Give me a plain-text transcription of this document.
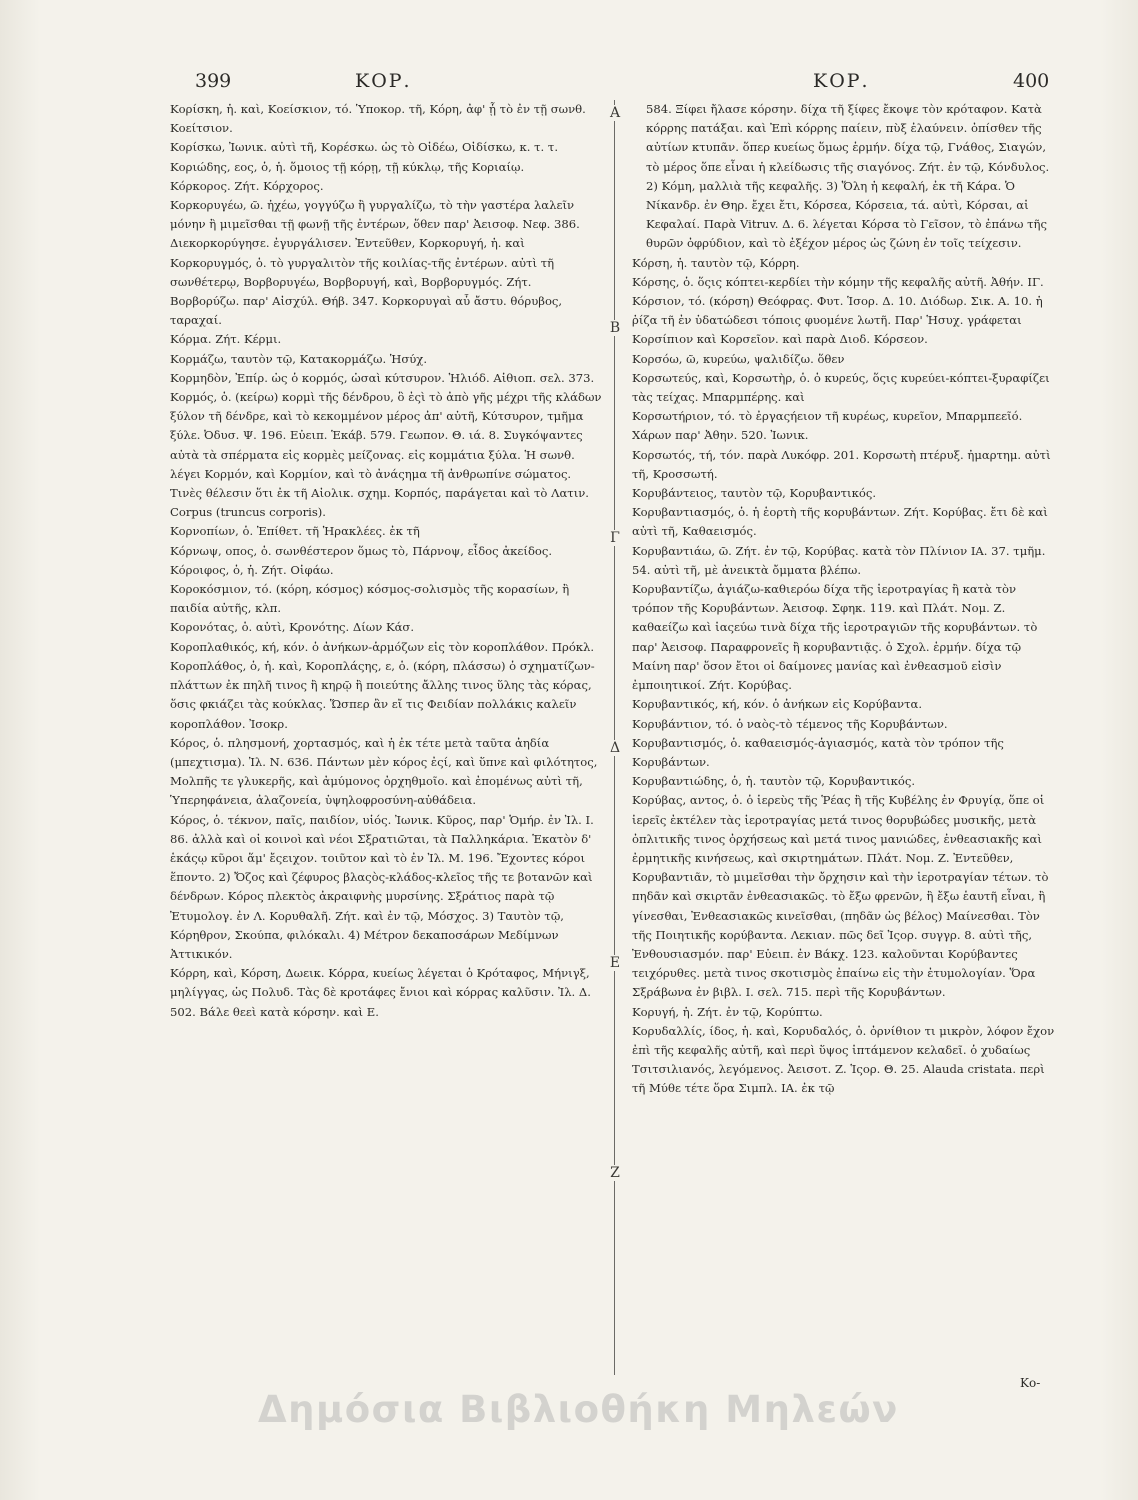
399	ΚΟΡ.	ΚΟΡ.	400

Κορίσκη, ἡ. καὶ, Κοείσκιον, τό. Ὑποκορ. τῆ, Κόρη, ἀφ' ᾗ τὸ ἐν τῇ σωνθ. Κοείτσιον.

Κορίσκω, Ἰωνικ. αὐτὶ τῆ, Κορέσκω. ὡς τὸ Οἰδέω, Οἰδίσκω, κ. τ. τ.

Κοριώδης, εος, ὁ, ἡ. ὅμοιος τῇ κόρῃ, τῇ κύκλῳ, τῆς Κοριαίῳ.

Κόρκορος. Ζήτ. Κόρχορος.

Κορκορυγέω, ῶ. ἠχέω, γογγύζω ἢ γυργαλίζω, τὸ τὴν γαστέρα λαλεῖν μόνην ἢ μιμεῖσθαι τῇ φωνῇ τῆς ἐντέρων, ὅθεν παρ' Ἀεισοφ. Νεφ. 386. Διεκορκορύγησε. ἐγυργάλισεν. Ἐντεῦθεν, Κορκορυγή, ἡ. καὶ Κορκορυγμός, ὁ. τὸ γυργαλιτὸν τῆς κοιλίας-τῆς ἐντέρων. αὐτὶ τῆ σωνθέτερῳ, Βορβορυγέω, Βορβορυγή, καὶ, Βορβορυγμός. Ζήτ. Βορβορύζω. παρ' Αἰσχύλ. Θήβ. 347. Κορκορυγαὶ αὖ ἄστυ. θόρυβος, ταραχαί.

Κόρμα. Ζήτ. Κέρμι.

Κορμάζω, ταυτὸν τῷ, Κατακορμάζω. Ἡσύχ.

Κορμηδὸν, Ἐπίρ. ὡς ὁ κορμός, ὡσαὶ κύτσυρον. Ἡλιόδ. Αἰθιοπ. σελ. 373.

Κορμός, ὁ. (κείρω) κορμὶ τῆς δένδρου, ὃ ἐςὶ τὸ ἀπὸ γῆς μέχρι τῆς κλάδων ξύλον τῆ δένδρε, καὶ τὸ κεκομμένον μέρος ἀπ' αὐτῆ, Κύτσυρον, τμῆμα ξύλε. Ὀδυσ. Ψ. 196. Εὐειπ. Ἑκάβ. 579. Γεωπον. Θ. ιά. 8. Συγκόψαντες αὐτὰ τὰ σπέρματα εἰς κορμὲς μείζονας. εἰς κομμάτια ξύλα. Ἡ σωνθ. λέγει Κορμόν, καὶ Κορμίον, καὶ τὸ ἀνάςημα τῆ ἀνθρωπίνε σώματος. Τινὲς θέλεσιν ὅτι ἐκ τῆ Αἰολικ. σχημ. Κορπός, παράγεται καὶ τὸ Λατιν. Corpus (truncus corporis).

Κορνοπίων, ὁ. Ἐπίθετ. τῆ Ἡρακλέες. ἐκ τῆ

Κόρνωψ, οπος, ὁ. σωνθέστερον ὅμως τὸ, Πάρνοψ, εἶδος ἀκείδος.

Κόροιφος, ὁ, ἡ. Ζήτ. Οἰφάω.

Κοροκόσμιον, τό. (κόρη, κόσμος) κόσμος-σολισμὸς τῆς κορασίων, ἢ παιδία αὐτῆς, κλπ.

Κορονότας, ὁ. αὐτὶ, Κρονότης. Δίων Κάσ.

Κοροπλαθικός, κή, κόν. ὁ ἀνήκων-ἁρμόζων εἰς τὸν κοροπλάθον. Πρόκλ.

Κοροπλάθος, ὁ, ἡ. καὶ, Κοροπλάςης, ε, ὁ. (κόρη, πλάσσω) ὁ σχηματίζων-πλάττων ἐκ πηλῆ τινος ἢ κηρῷ ἢ ποιεύτης ἄλλης τινος ὕλης τὰς κόρας, ὅσις φκιάζει τὰς κούκλας. Ὥσπερ ἂν εἴ τις Φειδίαν πολλάκις καλεῖν κοροπλάθον. Ἰσοκρ.

Κόρος, ὁ. πλησμονή, χορτασμός, καὶ ἡ ἐκ τέτε μετὰ ταῦτα ἀηδία (μπεχτισμα). Ἰλ. Ν. 636. Πάντων μὲν κόρος ἐςί, καὶ ὕπνε καὶ φιλότητος, Μολπῆς τε γλυκερῆς, καὶ ἀμύμονος ὀρχηθμοῖο. καὶ ἐπομένως αὐτὶ τῆ, Ὑπερηφάνεια, ἀλαζονεία, ὑψηλοφροσύνη-αὐθάδεια.

Κόρος, ὁ. τέκνον, παῖς, παιδίον, υἱός. Ἰωνικ. Κῦρος, παρ' Ὁμήρ. ἐν Ἰλ. Ι. 86. ἀλλὰ καὶ οἱ κοινοὶ καὶ νέοι Σξρατιῶται, τὰ Παλληκάρια. Ἑκατὸν δ' ἑκάςῳ κῦροι ἅμ' ἔςειχον. τοιῦτον καὶ τὸ ἐν Ἰλ. Μ. 196. Ἔχοντες κόροι ἕποντο. 2) Ὄζος καὶ ζέφυρος βλαςὸς-κλάδος-κλεῖος τῆς τε βοτανῶν καὶ δένδρων. Κόρος πλεκτὸς ἀκραιφνὴς μυρσίνης. Σξράτιος παρὰ τῷ Ἐτυμολογ. ἐν Λ. Κορυθαλῆ. Ζήτ. καὶ ἐν τῷ, Μόσχος. 3) Ταυτὸν τῷ, Κόρηθρον, Σκούπα, φιλόκαλι. 4) Μέτρον δεκαποσάρων Μεδίμνων Ἀττικικόν.

Κόρρη, καὶ, Κόρση, Δωεικ. Κόρρα, κυείως λέγεται ὁ Κρόταφος, Μήνιγξ, μηλίγγας, ὡς Πολυδ. Τὰς δὲ κροτάφες ἔνιοι καὶ κόρρας καλῦσιν. Ἰλ. Δ. 502. Βάλε θεεὶ κατὰ κόρσην. καὶ Ε.

Α
Β
Γ
Δ
Ε
Ζ

584. Ξίφει ἤλασε κόρσην. δίχα τῆ ξίφες ἔκοψε τὸν κρόταφον. Κατὰ κόρρης πατάξαι. καὶ Ἐπὶ κόρρης παίειν, πὺξ ἐλαύνειν. ὀπίσθεν τῆς αὐτίων κτυπᾶν. ὅπερ κυείως ὅμως ἑρμήν. δίχα τῷ, Γνάθος, Σιαγών, τὸ μέρος ὅπε εἶναι ἡ κλείδωσις τῆς σιαγόνος. Ζήτ. ἐν τῷ, Κόνδυλος. 2) Κόμη, μαλλιὰ τῆς κεφαλῆς. 3) Ὅλη ἡ κεφαλή, ἐκ τῆ Κάρα. Ὁ Νίκανδρ. ἐν Θηρ. ἔχει ἔτι, Κόρσεα, Κόρσεια, τά. αὐτὶ, Κόρσαι, αἱ Κεφαλαί. Παρὰ Vitruv. Δ. 6. λέγεται Κόρσα τὸ Γεῖσον, τὸ ἐπάνω τῆς θυρῶν ὀφρύδιον, καὶ τὸ ἐξέχον μέρος ὡς ζώνη ἐν τοῖς τείχεσιν.

Κόρση, ἡ. ταυτὸν τῷ, Κόρρη.

Κόρσης, ὁ. ὅςις κόπτει-κερδίει τὴν κόμην τῆς κεφαλῆς αὐτῆ. Ἀθήν. ΙΓ.

Κόρσιον, τό. (κόρση) Θεόφρας. Φυτ. Ἱσορ. Δ. 10. Διόδωρ. Σικ. Α. 10. ἡ ῥίζα τῆ ἐν ὑδατώδεσι τόποις φυομένε λωτῆ. Παρ' Ἡσυχ. γράφεται Κορσίπιον καὶ Κορσεῖον. καὶ παρὰ Διοδ. Κόρσεον.

Κορσόω, ῶ, κυρεύω, ψαλιδίζω. ὅθεν

Κορσωτεύς, καὶ, Κορσωτὴρ, ὁ. ὁ κυρεύς, ὅςις κυρεύει-κόπτει-ξυραφίζει τὰς τείχας. Μπαρμπέρης. καὶ

Κορσωτήριον, τό. τὸ ἐργαςήειον τῆ κυρέως, κυρεῖον, Μπαρμπεεῖό. Χάρων παρ' Ἀθην. 520. Ἰωνικ.

Κορσωτός, τή, τόν. παρὰ Λυκόφρ. 201. Κορσωτὴ πτέρυξ. ἠμαρτημ. αὐτὶ τῆ, Κροσσωτή.

Κορυβάντειος, ταυτὸν τῷ, Κορυβαντικός.

Κορυβαντιασμός, ὁ. ἡ ἑορτὴ τῆς κορυβάντων. Ζήτ. Κορύβας. ἔτι δὲ καὶ αὐτὶ τῆ, Καθαεισμός.

Κορυβαντιάω, ῶ. Ζήτ. ἐν τῷ, Κορύβας. κατὰ τὸν Πλίνιον ΙΑ. 37. τμῆμ. 54. αὐτὶ τῆ, μὲ ἀνεικτὰ ὄμματα βλέπω.

Κορυβαντίζω, ἁγιάζω-καθιερόω δίχα τῆς ἱεροτραγίας ἢ κατὰ τὸν τρόπον τῆς Κορυβάντων. Ἀεισοφ. Σφηκ. 119. καὶ Πλάτ. Νομ. Ζ. καθαείζω καὶ ἱαςεύω τινὰ δίχα τῆς ἱεροτραγιῶν τῆς κορυβάντων. τὸ παρ' Ἀεισοφ. Παραφρονεῖς ἢ κορυβαντιᾷς. ὁ Σχολ. ἑρμήν. δίχα τῷ Μαίνη παρ' ὅσον ἔτοι οἱ δαίμονες μανίας καὶ ἐνθεασμοῦ εἰσὶν ἐμποιητικοί. Ζήτ. Κορύβας.

Κορυβαντικός, κή, κόν. ὁ ἀνήκων εἰς Κορύβαντα.

Κορυβάντιον, τό. ὁ ναὸς-τὸ τέμενος τῆς Κορυβάντων.

Κορυβαντισμός, ὁ. καθαεισμός-ἁγιασμός, κατὰ τὸν τρόπον τῆς Κορυβάντων.

Κορυβαντιώδης, ὁ, ἡ. ταυτὸν τῷ, Κορυβαντικός.

Κορύβας, αντος, ὁ. ὁ ἱερεὺς τῆς Ῥέας ἢ τῆς Κυβέλης ἐν Φρυγίᾳ, ὅπε οἱ ἱερεῖς ἐκτέλεν τὰς ἱεροτραγίας μετά τινος θορυβώδες μυσικῆς, μετὰ ὀπλιτικῆς τινος ὀρχήσεως καὶ μετά τινος μανιώδες, ἐνθεασιακῆς καὶ ἐρμητικῆς κινήσεως, καὶ σκιρτημάτων. Πλάτ. Νομ. Ζ. Ἐντεῦθεν, Κορυβαντιᾶν, τὸ μιμεῖσθαι τὴν ὄρχησιν καὶ τὴν ἱεροτραγίαν τέτων. τὸ πηδᾶν καὶ σκιρτᾶν ἐνθεασιακῶς. τὸ ἔξω φρενῶν, ἢ ἔξω ἑαυτῆ εἶναι, ἢ γίνεσθαι, Ἐνθεασιακῶς κινεῖσθαι, (πηδᾶν ὡς βέλος) Μαίνεσθαι. Τὸν τῆς Ποιητικῆς κορύβαντα. Λεκιαν. πῶς δεῖ Ἱςορ. συγγρ. 8. αὐτὶ τῆς, Ἐνθουσιασμόν. παρ' Εὐειπ. ἐν Βάκχ. 123. καλοῦνται Κορύβαντες τειχόρυθες. μετὰ τινος σκοτισμὸς ἐπαίνω εἰς τὴν ἐτυμολογίαν. Ὅρα Σξράβωνα ἐν βιβλ. Ι. σελ. 715. περὶ τῆς Κορυβάντων.

Κορυγή, ἡ. Ζήτ. ἐν τῷ, Κορύπτω.

Κορυδαλλίς, ίδος, ἡ. καὶ, Κορυδαλός, ὁ. ὀρνίθιον τι μικρὸν, λόφον ἔχον ἐπὶ τῆς κεφαλῆς αὐτῆ, καὶ περὶ ὕψος ἱπτάμενον κελαδεῖ. ὁ χυδαίως Τσιτσιλιανός, λεγόμενος. Ἀεισοτ. Ζ. Ἱςορ. Θ. 25. Alauda cristata. περὶ τῆ Μύθε τέτε ὅρα Σιμπλ. ΙΑ. ἐκ τῷ

Κο-
Δημόσια Βιβλιοθήκη Μηλεών
